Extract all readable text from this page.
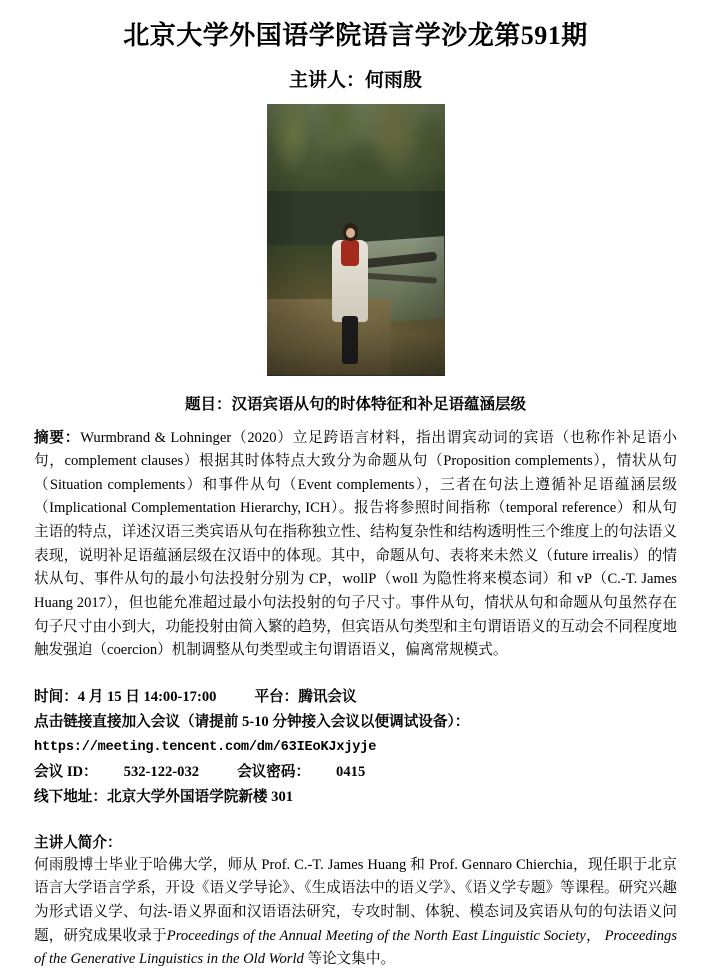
北京大学外国语学院语言学沙龙第591期
主讲人：何雨殷
题目：汉语宾语从句的时体特征和补足语蕴涵层级
摘要：Wurmbrand & Lohninger（2020）立足跨语言材料，指出谓宾动词的宾语（也称作补足语小句，complement clauses）根据其时体特点大致分为命题从句（Proposition complements），情状从句（Situation complements）和事件从句（Event complements），三者在句法上遵循补足语蕴涵层级（Implicational Complementation Hierarchy, ICH）。报告将参照时间指称（temporal reference）和从句主语的特点，详述汉语三类宾语从句在指称独立性、结构复杂性和结构透明性三个维度上的句法语义表现，说明补足语蕴涵层级在汉语中的体现。其中，命题从句、表将来未然义（future irrealis）的情状从句、事件从句的最小句法投射分别为 CP，wollP（woll 为隐性将来模态词）和 vP（C.-T. James Huang 2017），但也能允准超过最小句法投射的句子尺寸。事件从句，情状从句和命题从句虽然存在句子尺寸由小到大，功能投射由简入繁的趋势，但宾语从句类型和主句谓语语义的互动会不同程度地触发强迫（coercion）机制调整从句类型或主句谓语语义，偏离常规模式。
时间：4 月 15 日 14:00-17:00	平台：腾讯会议
点击链接直接加入会议（请提前 5-10 分钟接入会议以便调试设备）：
https://meeting.tencent.com/dm/63IEoKJxjyje
会议 ID： 532-122-032	会议密码： 0415
线下地址：北京大学外国语学院新楼 301
主讲人简介：
何雨殷博士毕业于哈佛大学，师从 Prof. C.-T. James Huang 和 Prof. Gennaro Chierchia，现任职于北京语言大学语言学系，开设《语义学导论》、《生成语法中的语义学》、《语义学专题》等课程。研究兴趣为形式语义学、句法-语义界面和汉语语法研究，专攻时制、体貌、模态词及宾语从句的句法语义问题，研究成果收录于Proceedings of the Annual Meeting of the North East Linguistic Society， Proceedings of the Generative Linguistics in the Old World 等论文集中。
